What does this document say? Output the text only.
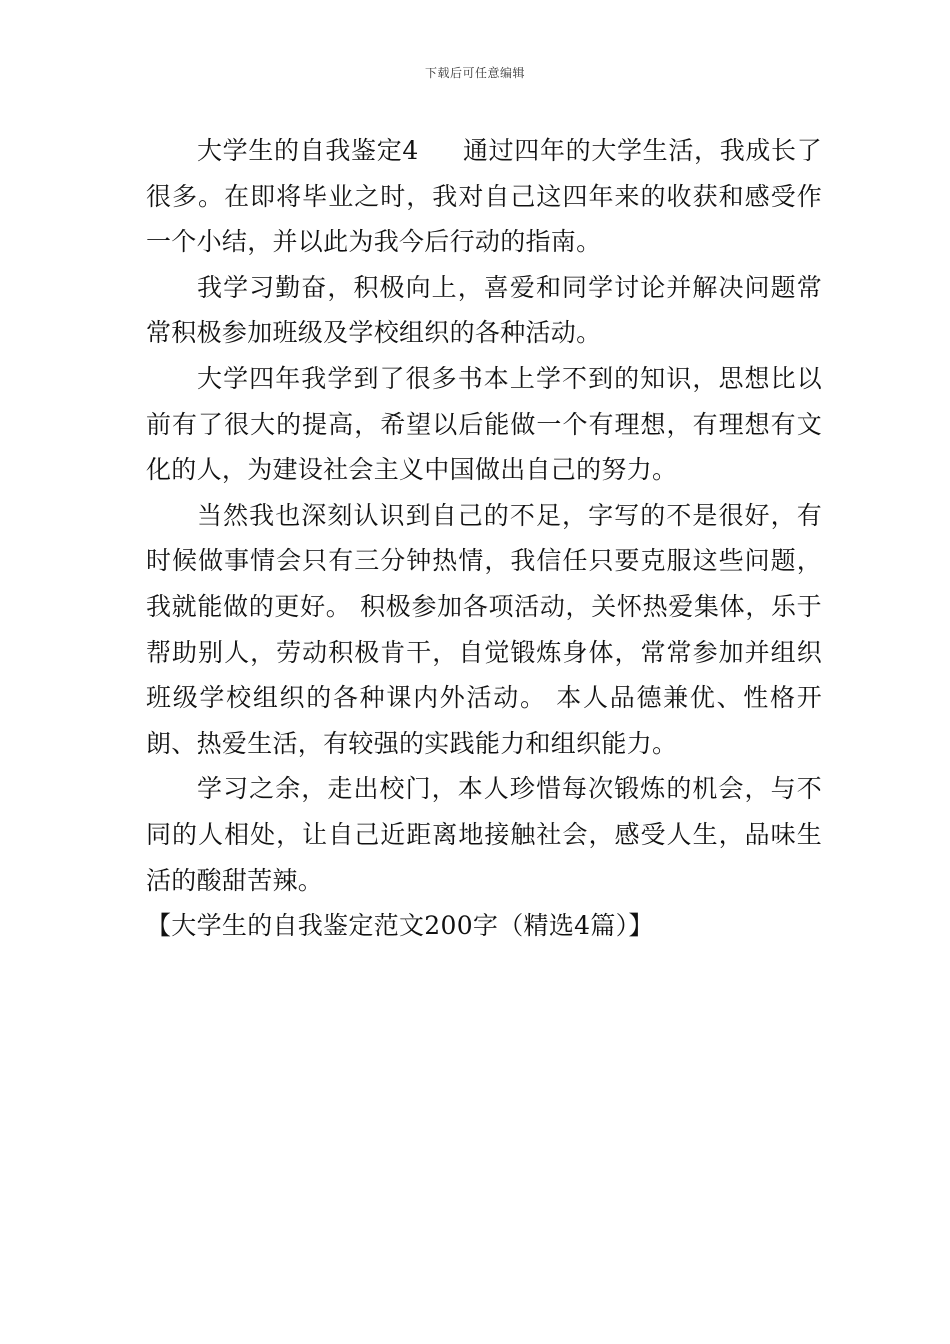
下载后可任意编辑

大学生的自我鉴定4 通过四年的大学生活，我成长了很多。在即将毕业之时，我对自己这四年来的收获和感受作一个小结，并以此为我今后行动的指南。

我学习勤奋，积极向上，喜爱和同学讨论并解决问题常常积极参加班级及学校组织的各种活动。

大学四年我学到了很多书本上学不到的知识，思想比以前有了很大的提高，希望以后能做一个有理想，有理想有文化的人，为建设社会主义中国做出自己的努力。

当然我也深刻认识到自己的不足，字写的不是很好，有时候做事情会只有三分钟热情，我信任只要克服这些问题，我就能做的更好。 积极参加各项活动，关怀热爱集体，乐于帮助别人，劳动积极肯干，自觉锻炼身体，常常参加并组织班级学校组织的各种课内外活动。 本人品德兼优、性格开朗、热爱生活，有较强的实践能力和组织能力。

学习之余，走出校门，本人珍惜每次锻炼的机会，与不同的人相处，让自己近距离地接触社会，感受人生，品味生活的酸甜苦辣。

【大学生的自我鉴定范文200字（精选4篇）】
